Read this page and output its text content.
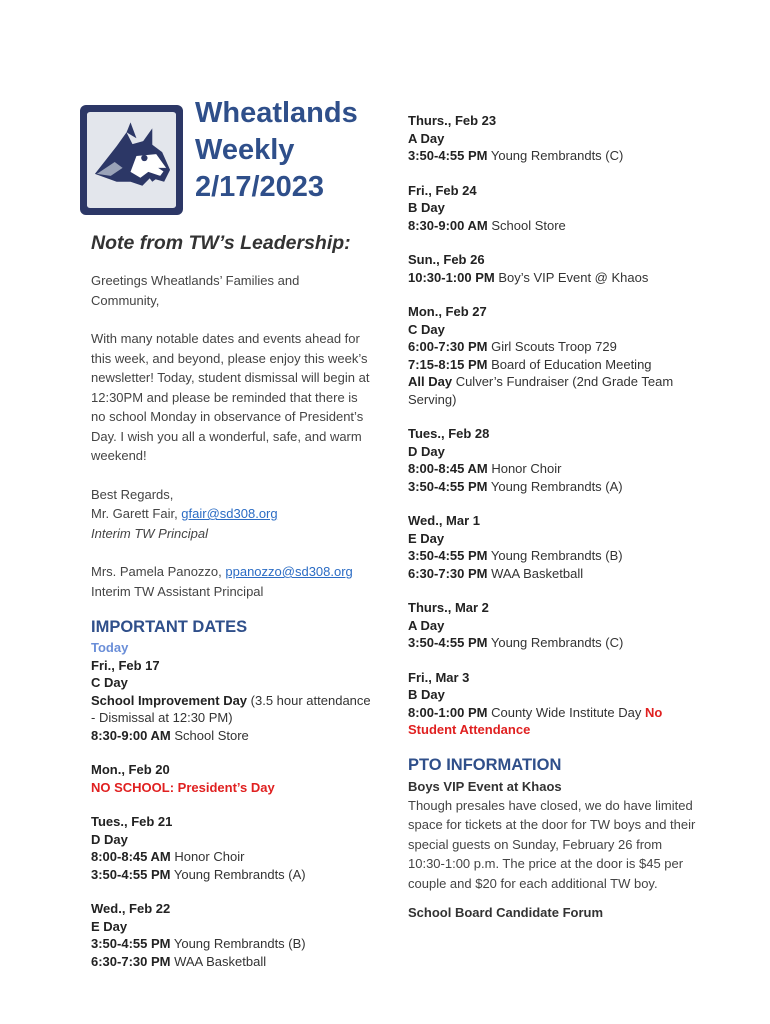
Wheatlands
Weekly
2/17/2023
Note from TW’s Leadership:
Greetings Wheatlands’ Families and Community,
With many notable dates and events ahead for this week, and beyond, please enjoy this week’s newsletter! Today, student dismissal will begin at 12:30PM and please be reminded that there is no school Monday in observance of President’s Day. I wish you all a wonderful, safe, and warm weekend!
Best Regards,
Mr. Garett Fair, gfair@sd308.org
Interim TW Principal
Mrs. Pamela Panozzo, ppanozzo@sd308.org
Interim TW Assistant Principal
IMPORTANT DATES
Today
Fri., Feb 17
C Day
School Improvement Day (3.5 hour attendance - Dismissal at 12:30 PM)
8:30-9:00 AM School Store
Mon., Feb 20
NO SCHOOL: President’s Day
Tues., Feb 21
D Day
8:00-8:45 AM Honor Choir
3:50-4:55 PM Young Rembrandts (A)
Wed., Feb 22
E Day
3:50-4:55 PM Young Rembrandts (B)
6:30-7:30 PM WAA Basketball
Thurs., Feb 23
A Day
3:50-4:55 PM Young Rembrandts (C)
Fri., Feb 24
B Day
8:30-9:00 AM School Store
Sun., Feb 26
10:30-1:00 PM Boy’s VIP Event @ Khaos
Mon., Feb 27
C Day
6:00-7:30 PM Girl Scouts Troop 729
7:15-8:15 PM Board of Education Meeting
All Day Culver’s Fundraiser (2nd Grade Team Serving)
Tues., Feb 28
D Day
8:00-8:45 AM Honor Choir
3:50-4:55 PM Young Rembrandts (A)
Wed., Mar 1
E Day
3:50-4:55 PM Young Rembrandts (B)
6:30-7:30 PM WAA Basketball
Thurs., Mar 2
A Day
3:50-4:55 PM Young Rembrandts (C)
Fri., Mar 3
B Day
8:00-1:00 PM County Wide Institute Day No Student Attendance
PTO INFORMATION
Boys VIP Event at Khaos
Though presales have closed, we do have limited space for tickets at the door for TW boys and their special guests on Sunday, February 26 from 10:30-1:00 p.m. The price at the door is $45 per couple and $20 for each additional TW boy.
School Board Candidate Forum
